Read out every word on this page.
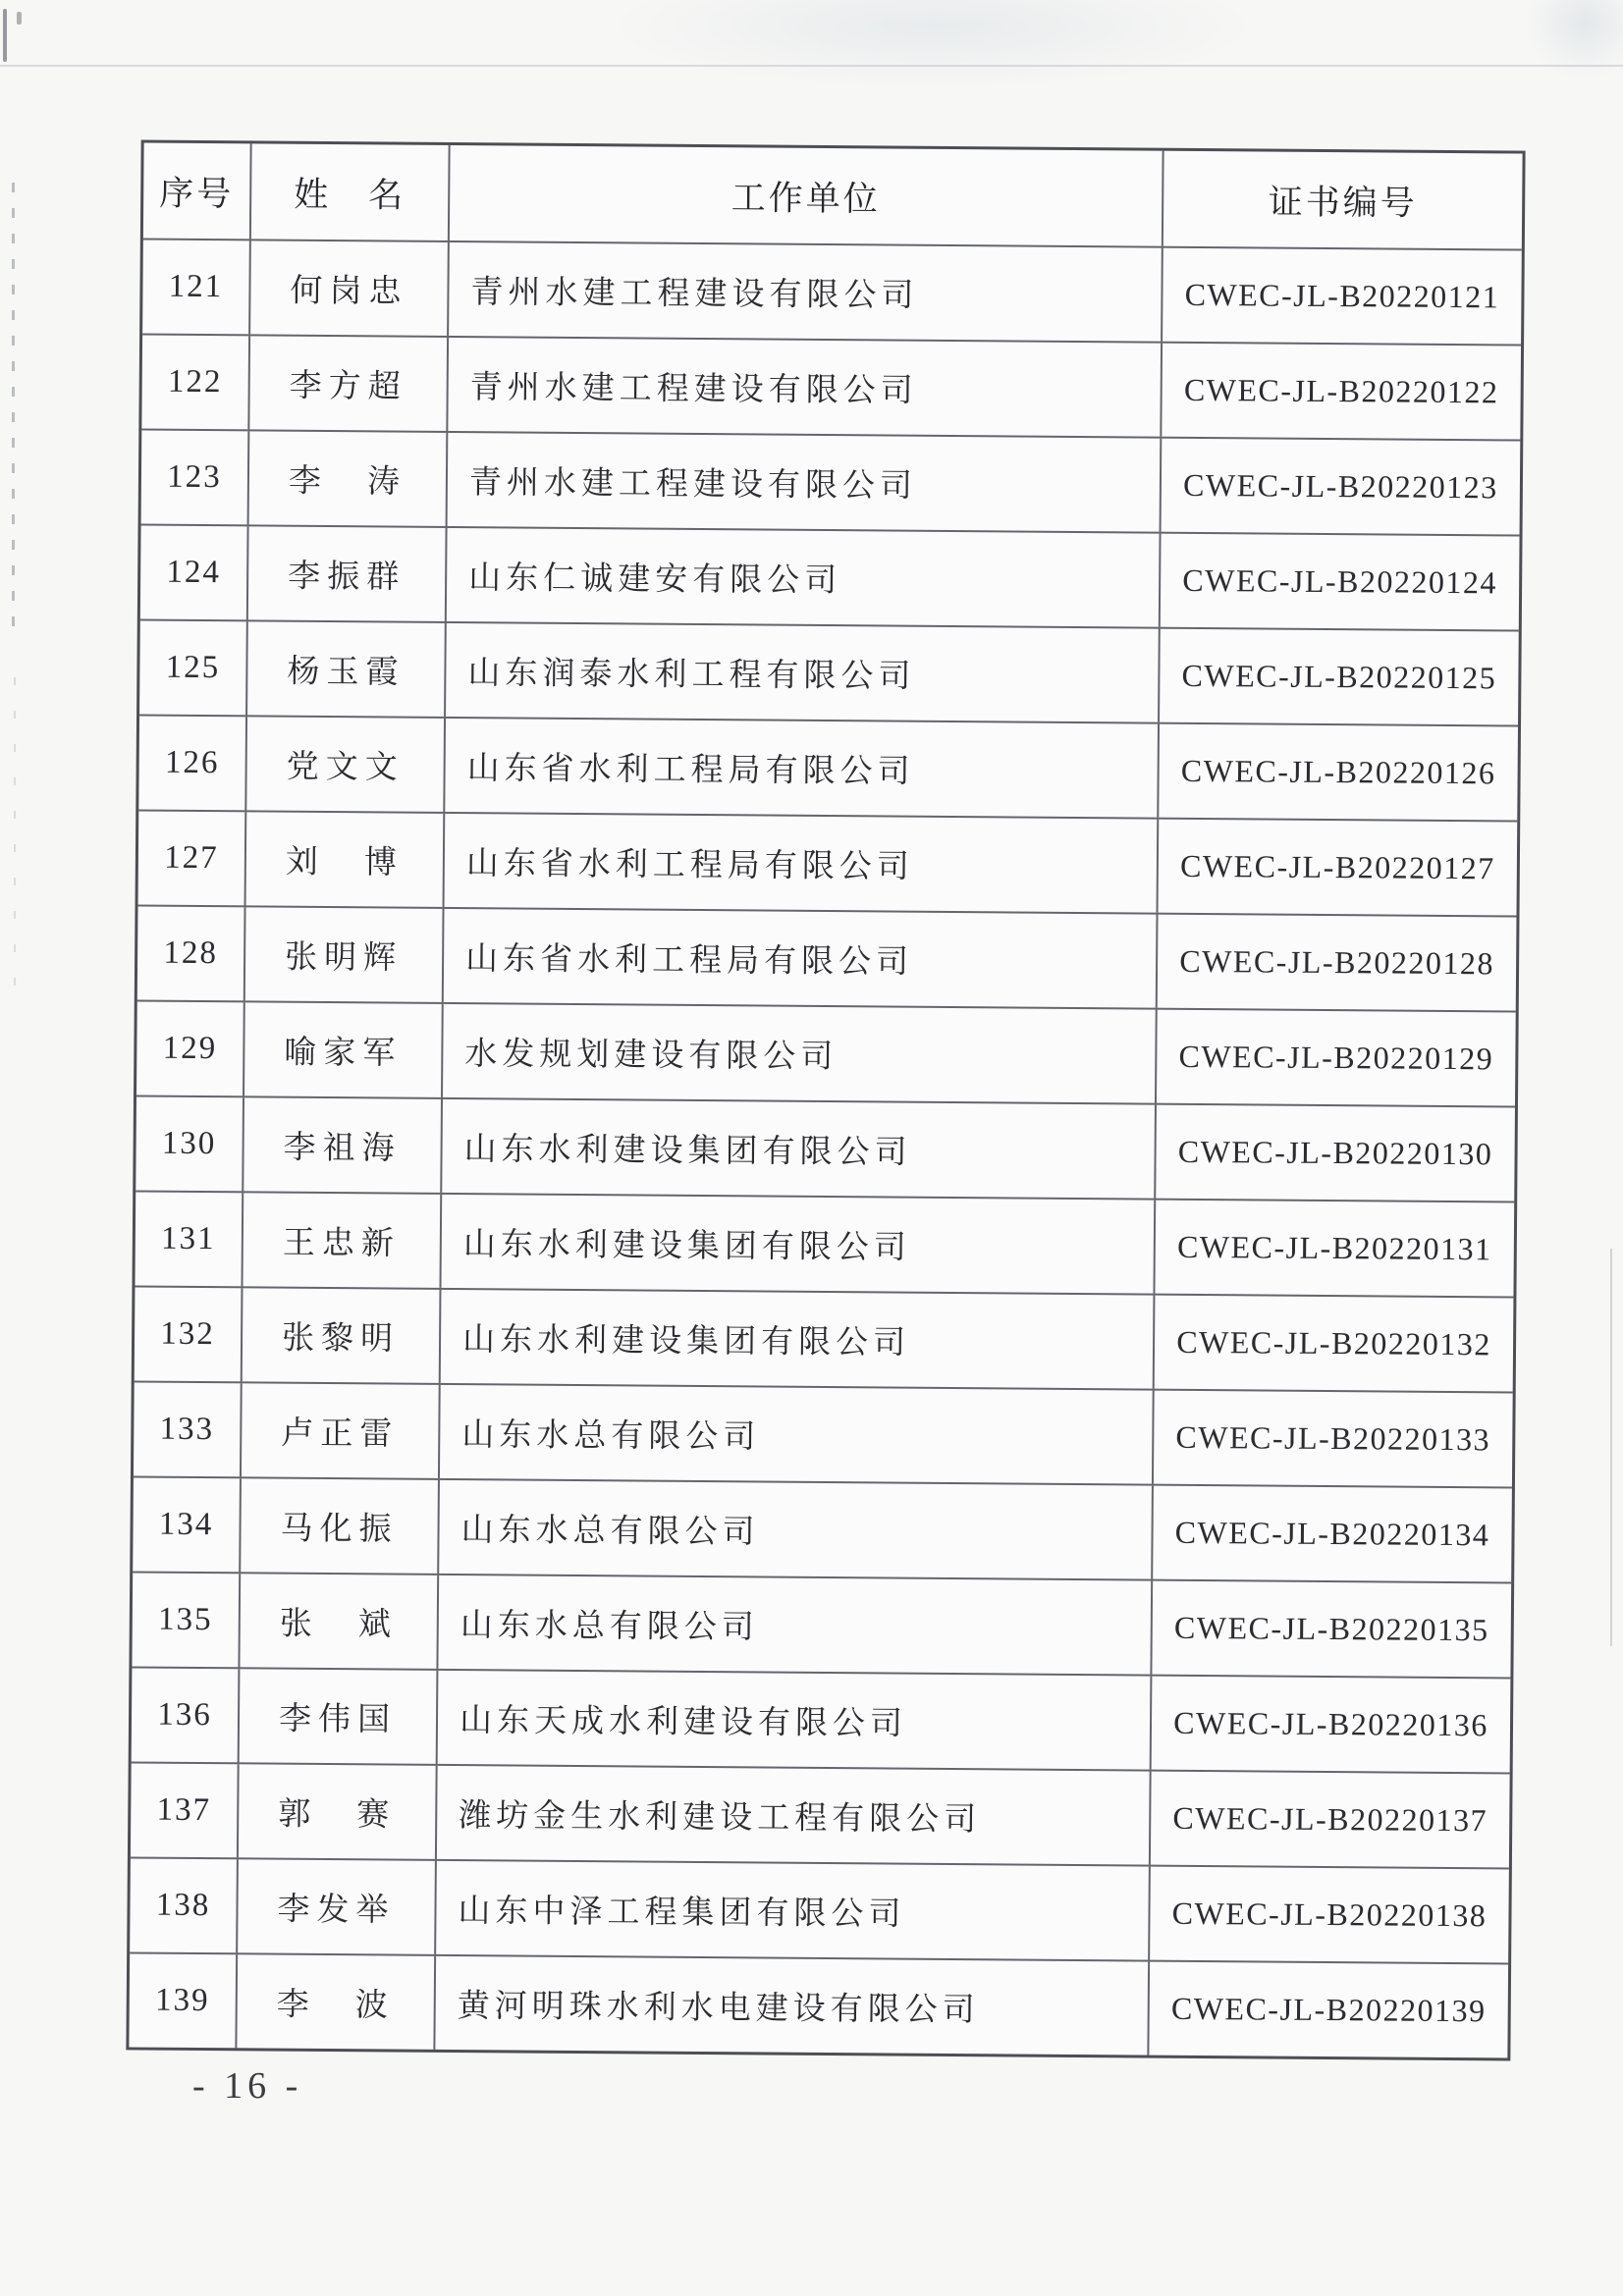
序号	姓　名	工作单位	证书编号
121	何岗忠	青州水建工程建设有限公司	CWEC-JL-B20220121
122	李方超	青州水建工程建设有限公司	CWEC-JL-B20220122
123	李　涛	青州水建工程建设有限公司	CWEC-JL-B20220123
124	李振群	山东仁诚建安有限公司	CWEC-JL-B20220124
125	杨玉霞	山东润泰水利工程有限公司	CWEC-JL-B20220125
126	党文文	山东省水利工程局有限公司	CWEC-JL-B20220126
127	刘　博	山东省水利工程局有限公司	CWEC-JL-B20220127
128	张明辉	山东省水利工程局有限公司	CWEC-JL-B20220128
129	喻家军	水发规划建设有限公司	CWEC-JL-B20220129
130	李祖海	山东水利建设集团有限公司	CWEC-JL-B20220130
131	王忠新	山东水利建设集团有限公司	CWEC-JL-B20220131
132	张黎明	山东水利建设集团有限公司	CWEC-JL-B20220132
133	卢正雷	山东水总有限公司	CWEC-JL-B20220133
134	马化振	山东水总有限公司	CWEC-JL-B20220134
135	张　斌	山东水总有限公司	CWEC-JL-B20220135
136	李伟国	山东天成水利建设有限公司	CWEC-JL-B20220136
137	郭　赛	潍坊金生水利建设工程有限公司	CWEC-JL-B20220137
138	李发举	山东中泽工程集团有限公司	CWEC-JL-B20220138
139	李　波	黄河明珠水利水电建设有限公司	CWEC-JL-B20220139
- 16 -
